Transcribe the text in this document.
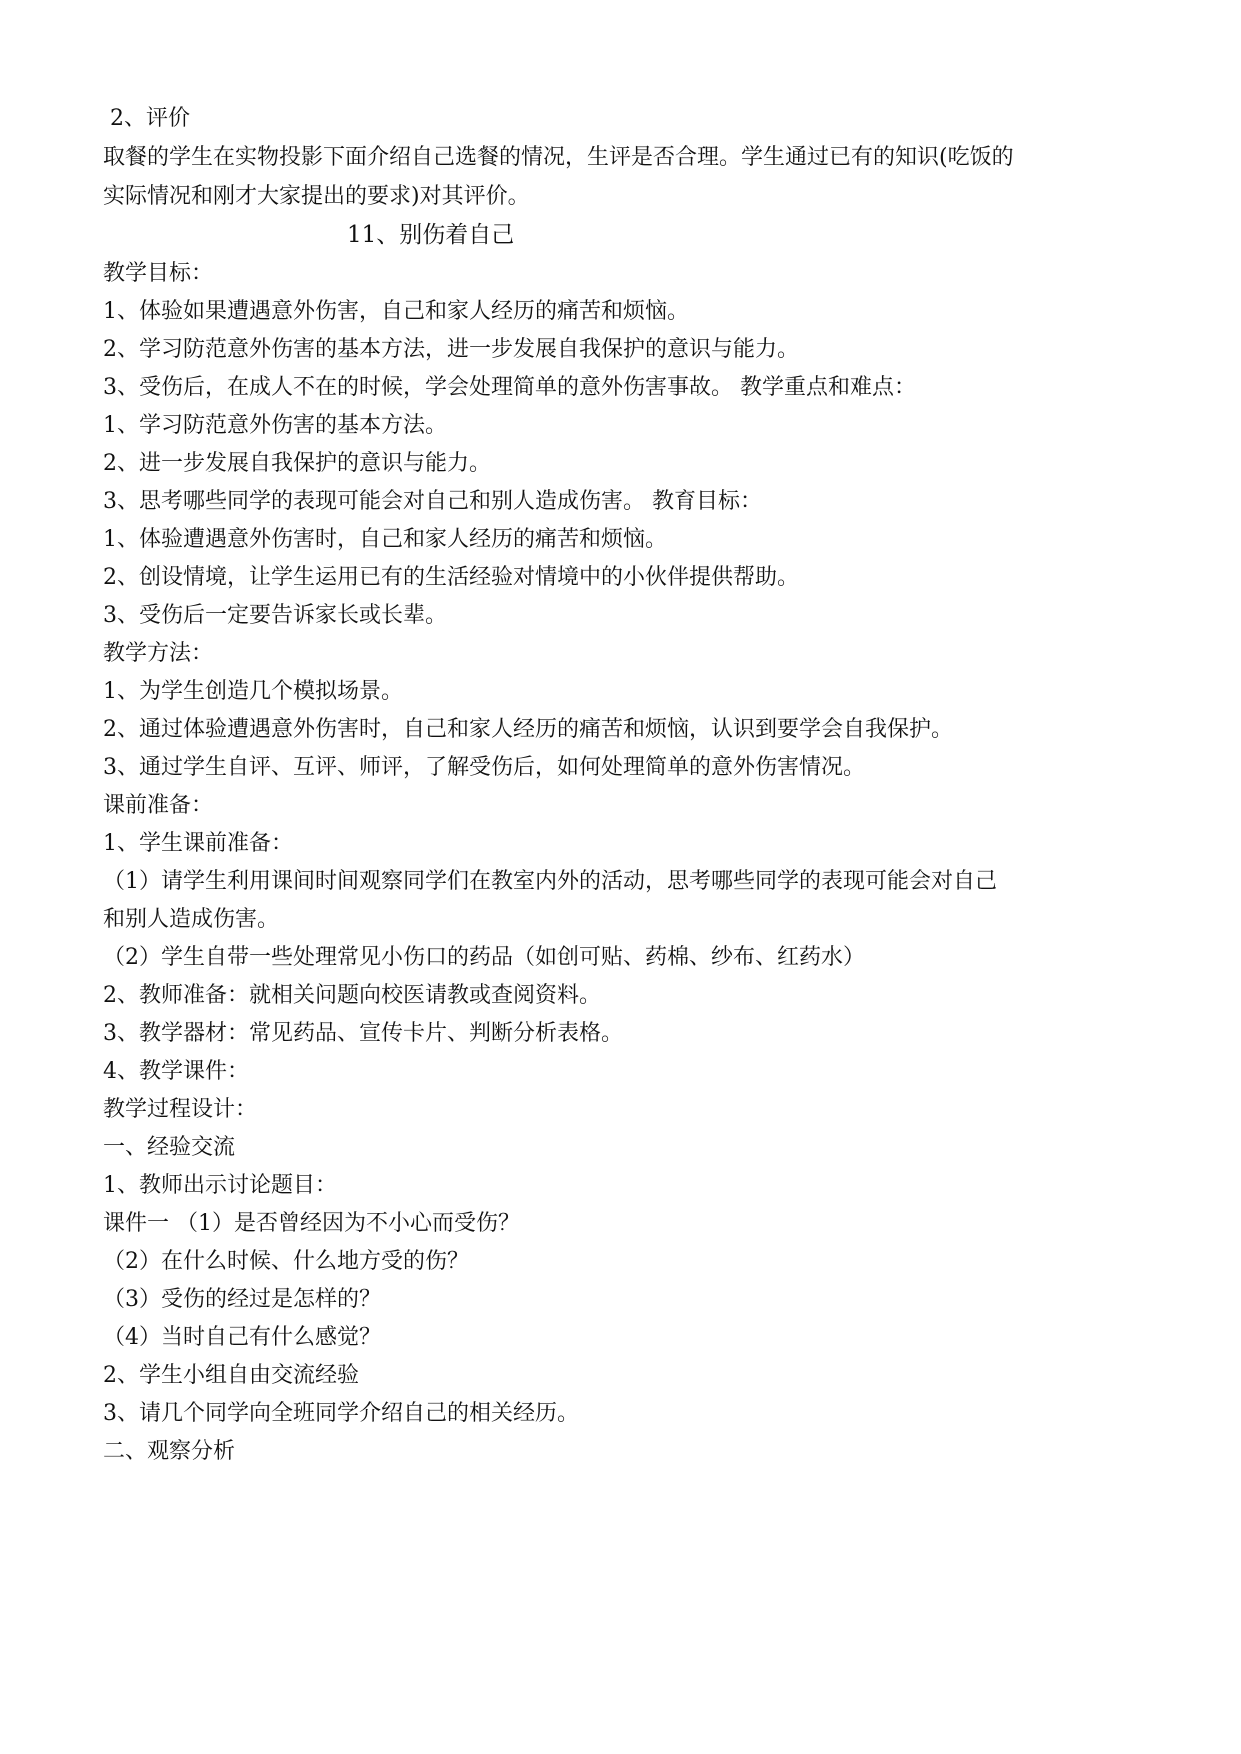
2、评价
取餐的学生在实物投影下面介绍自己选餐的情况，生评是否合理。学生通过已有的知识(吃饭的
实际情况和刚才大家提出的要求)对其评价。
11、别伤着自己
教学目标：
1、体验如果遭遇意外伤害，自己和家人经历的痛苦和烦恼。
2、学习防范意外伤害的基本方法，进一步发展自我保护的意识与能力。
3、受伤后，在成人不在的时候，学会处理简单的意外伤害事故。 教学重点和难点：
1、学习防范意外伤害的基本方法。
2、进一步发展自我保护的意识与能力。
3、思考哪些同学的表现可能会对自己和别人造成伤害。 教育目标：
1、体验遭遇意外伤害时，自己和家人经历的痛苦和烦恼。
2、创设情境，让学生运用已有的生活经验对情境中的小伙伴提供帮助。
3、受伤后一定要告诉家长或长辈。
教学方法：
1、为学生创造几个模拟场景。
2、通过体验遭遇意外伤害时，自己和家人经历的痛苦和烦恼，认识到要学会自我保护。
3、通过学生自评、互评、师评，了解受伤后，如何处理简单的意外伤害情况。
课前准备：
1、学生课前准备：
（1）请学生利用课间时间观察同学们在教室内外的活动，思考哪些同学的表现可能会对自己
和别人造成伤害。
（2）学生自带一些处理常见小伤口的药品（如创可贴、药棉、纱布、红药水）
2、教师准备：就相关问题向校医请教或查阅资料。
3、教学器材：常见药品、宣传卡片、判断分析表格。
4、教学课件：
教学过程设计：
一、经验交流
1、教师出示讨论题目：
课件一 （1）是否曾经因为不小心而受伤？
（2）在什么时候、什么地方受的伤？
（3）受伤的经过是怎样的？
（4）当时自己有什么感觉？
2、学生小组自由交流经验
3、请几个同学向全班同学介绍自己的相关经历。
二、观察分析
